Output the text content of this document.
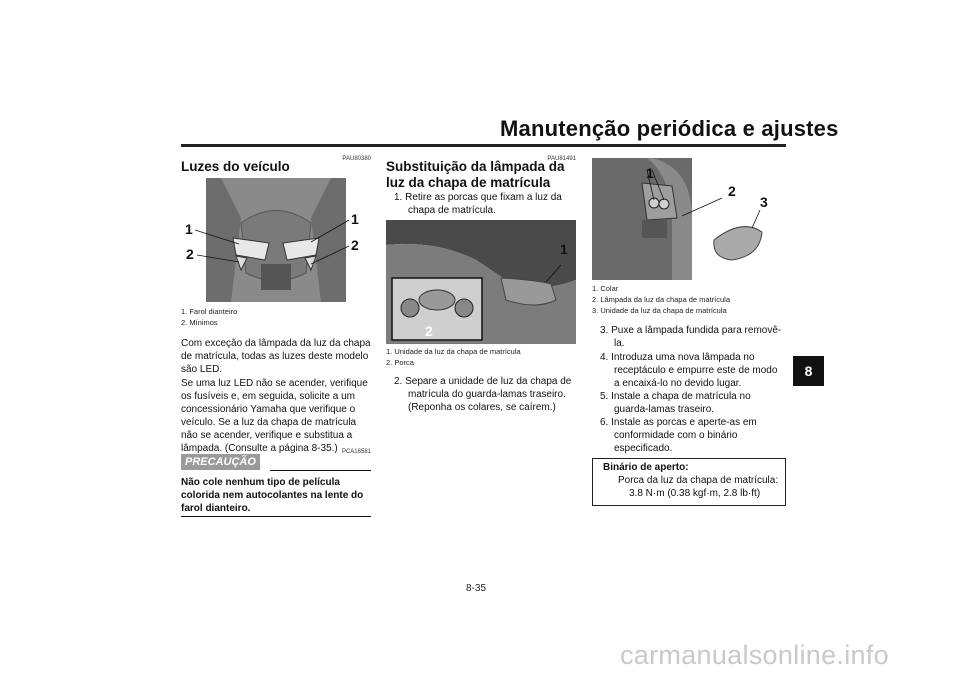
Manutenção periódica e ajustes
8
PAU80380
Luzes do veículo
1
2
1
2
1. Farol dianteiro
2. Mínimos
Com exceção da lâmpada da luz da chapa de matrícula, todas as luzes deste modelo são LED.
Se uma luz LED não se acender, verifique os fusíveis e, em seguida, solicite a um concessionário Yamaha que verifique o veículo. Se a luz da chapa de matrícula não se acender, verifique e substitua a lâmpada. (Consulte a página 8-35.) PCA16581
PRECAUÇÃO
Não cole nenhum tipo de película colorida nem autocolantes na lente do farol dianteiro.
PAU81491
Substituição da lâmpada da luz da chapa de matrícula
1. Retire as porcas que fixam a luz da chapa de matrícula.
1
2
1. Unidade da luz da chapa de matrícula
2. Porca
2. Separe a unidade de luz da chapa de matrícula do guarda-lamas traseiro. (Reponha os colares, se caírem.)
1
2
3
1. Colar
2. Lâmpada da luz da chapa de matrícula
3. Unidade da luz da chapa de matrícula
3. Puxe a lâmpada fundida para removê-la.
4. Introduza uma nova lâmpada no receptáculo e empurre este de modo a encaixá-lo no devido lugar.
5. Instale a chapa de matrícula no guarda-lamas traseiro.
6. Instale as porcas e aperte-as em conformidade com o binário especificado.
Binário de aperto:
Porca da luz da chapa de matrícula:
3.8 N·m (0.38 kgf·m, 2.8 lb·ft)
8-35
carmanualsonline.info
